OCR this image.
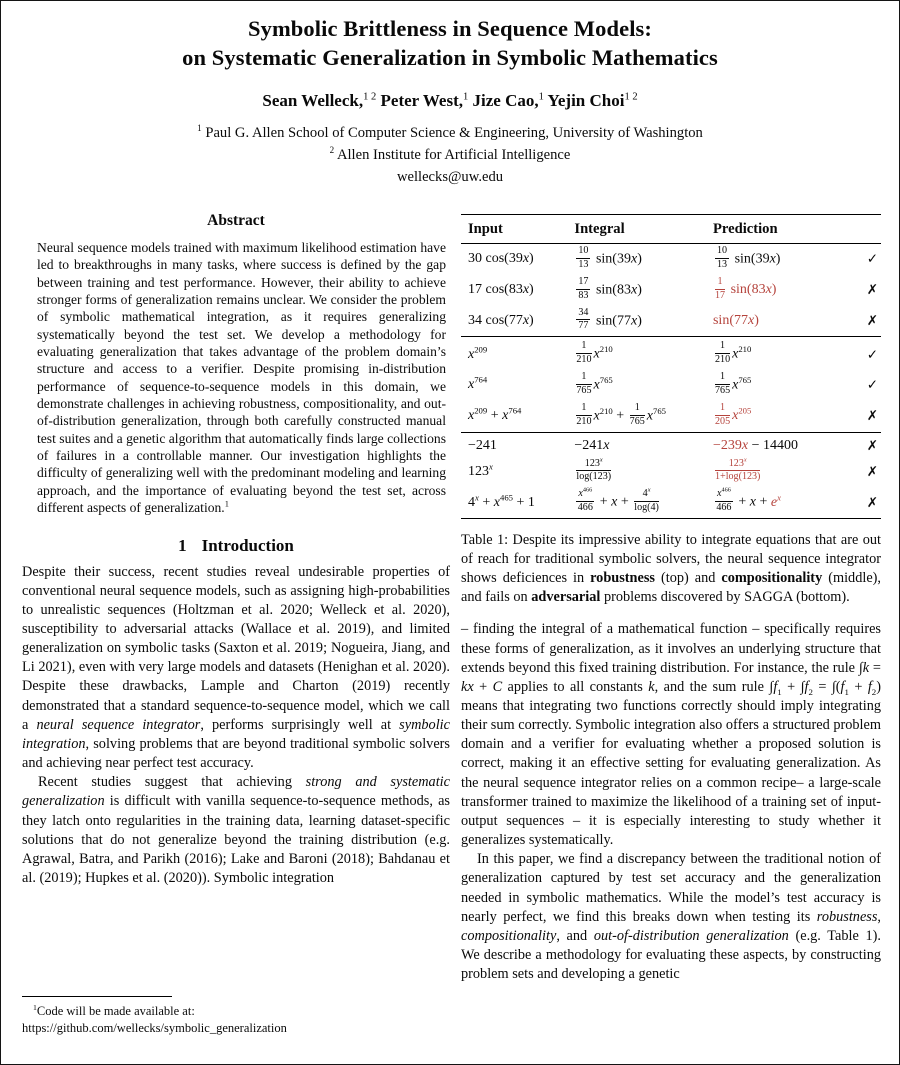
Symbolic Brittleness in Sequence Models:
on Systematic Generalization in Symbolic Mathematics
Sean Welleck,$^{1 2}$ Peter West,$^1$ Jize Cao,$^1$ Yejin Choi$^{1 2}$
$^1$ Paul G. Allen School of Computer Science & Engineering, University of Washington
$^2$ Allen Institute for Artificial Intelligence
wellecks@uw.edu
Abstract

Neural sequence models trained with maximum likelihood estimation have led to breakthroughs in many tasks, where success is defined by the gap between training and test performance. However, their ability to achieve stronger forms of generalization remains unclear. We consider the problem of symbolic mathematical integration, as it requires generalizing systematically beyond the test set. We develop a methodology for evaluating generalization that takes advantage of the problem domain’s structure and access to a verifier. Despite promising in-distribution performance of sequence-to-sequence models in this domain, we demonstrate challenges in achieving robustness, compositionality, and out-of-distribution generalization, through both carefully constructed manual test suites and a genetic algorithm that automatically finds large collections of failures in a controllable manner. Our investigation highlights the difficulty of generalizing well with the predominant modeling and learning approach, and the importance of evaluating beyond the test set, across different aspects of generalization.$^1$

1 Introduction

Despite their success, recent studies reveal undesirable properties of conventional neural sequence models, such as assigning high-probabilities to unrealistic sequences (Holtzman et al. 2020; Welleck et al. 2020), susceptibility to adversarial attacks (Wallace et al. 2019), and limited generalization on symbolic tasks (Saxton et al. 2019; Nogueira, Jiang, and Li 2021), even with very large models and datasets (Henighan et al. 2020). Despite these drawbacks, Lample and Charton (2019) recently demonstrated that a standard sequence-to-sequence model, which we call a neural sequence integrator, performs surprisingly well at symbolic integration, solving problems that are beyond traditional symbolic solvers and achieving near perfect test accuracy.

Recent studies suggest that achieving strong and systematic generalization is difficult with vanilla sequence-to-sequence methods, as they latch onto regularities in the training data, learning dataset-specific solutions that do not generalize beyond the training distribution (e.g. Agrawal, Batra, and Parikh (2016); Lake and Baroni (2018); Bahdanau et al. (2019); Hupkes et al. (2020)). Symbolic integration

Input	Integral	Prediction	
30 cos(39x)	$\frac{10}{13} \sin(39x)$	$\frac{10}{13} \sin(39x)$	✓
17 cos(83x)	$\frac{17}{83} \sin(83x)$	$\frac{1}{17} \sin(83x)$	✗
34 cos(77x)	$\frac{34}{77} \sin(77x)$	sin(77x)	✗
$x^{209}$	$\frac{1}{210} x^{210}$	$\frac{1}{210} x^{210}$	✓
$x^{764}$	$\frac{1}{765} x^{765}$	$\frac{1}{765} x^{765}$	✓
$x^{209} + x^{764}$	$\frac{1}{210} x^{210} + \frac{1}{765} x^{765}$	$\frac{1}{205} x^{205}$	✗
−241	−241x	−239x − 14400	✗
123$^x$	$\frac{123^x}{\log(123)}$	$\frac{123^x}{1+\log(123)}$	✗
$4^x + x^{465} + 1$	$\frac{x^{466}}{466} + x + \frac{4^x}{\log(4)}$	$\frac{x^{466}}{466} + x + e^x$	✗

Table 1: Despite its impressive ability to integrate equations that are out of reach for traditional symbolic solvers, the neural sequence integrator shows deficiences in robustness (top) and compositionality (middle), and fails on adversarial problems discovered by SAGGA (bottom).

– finding the integral of a mathematical function – specifically requires these forms of generalization, as it involves an underlying structure that extends beyond this fixed training distribution. For instance, the rule ∫k = kx + C applies to all constants k, and the sum rule $\int f_1 + \int f_2 = \int(f_1 + f_2)$ means that integrating two functions correctly should imply integrating their sum correctly. Symbolic integration also offers a structured problem domain and a verifier for evaluating whether a proposed solution is correct, making it an effective setting for evaluating generalization. As the neural sequence integrator relies on a common recipe– a large-scale transformer trained to maximize the likelihood of a training set of input-output sequences – it is especially interesting to study whether it generalizes systematically.

In this paper, we find a discrepancy between the traditional notion of generalization captured by test set accuracy and the generalization needed in symbolic mathematics. While the model’s test accuracy is nearly perfect, we find this breaks down when testing its robustness, compositionality, and out-of-distribution generalization (e.g. Table 1). We describe a methodology for evaluating these aspects, by constructing problem sets and developing a genetic

$^1$Code will be made available at:
https://github.com/wellecks/symbolic_generalization
